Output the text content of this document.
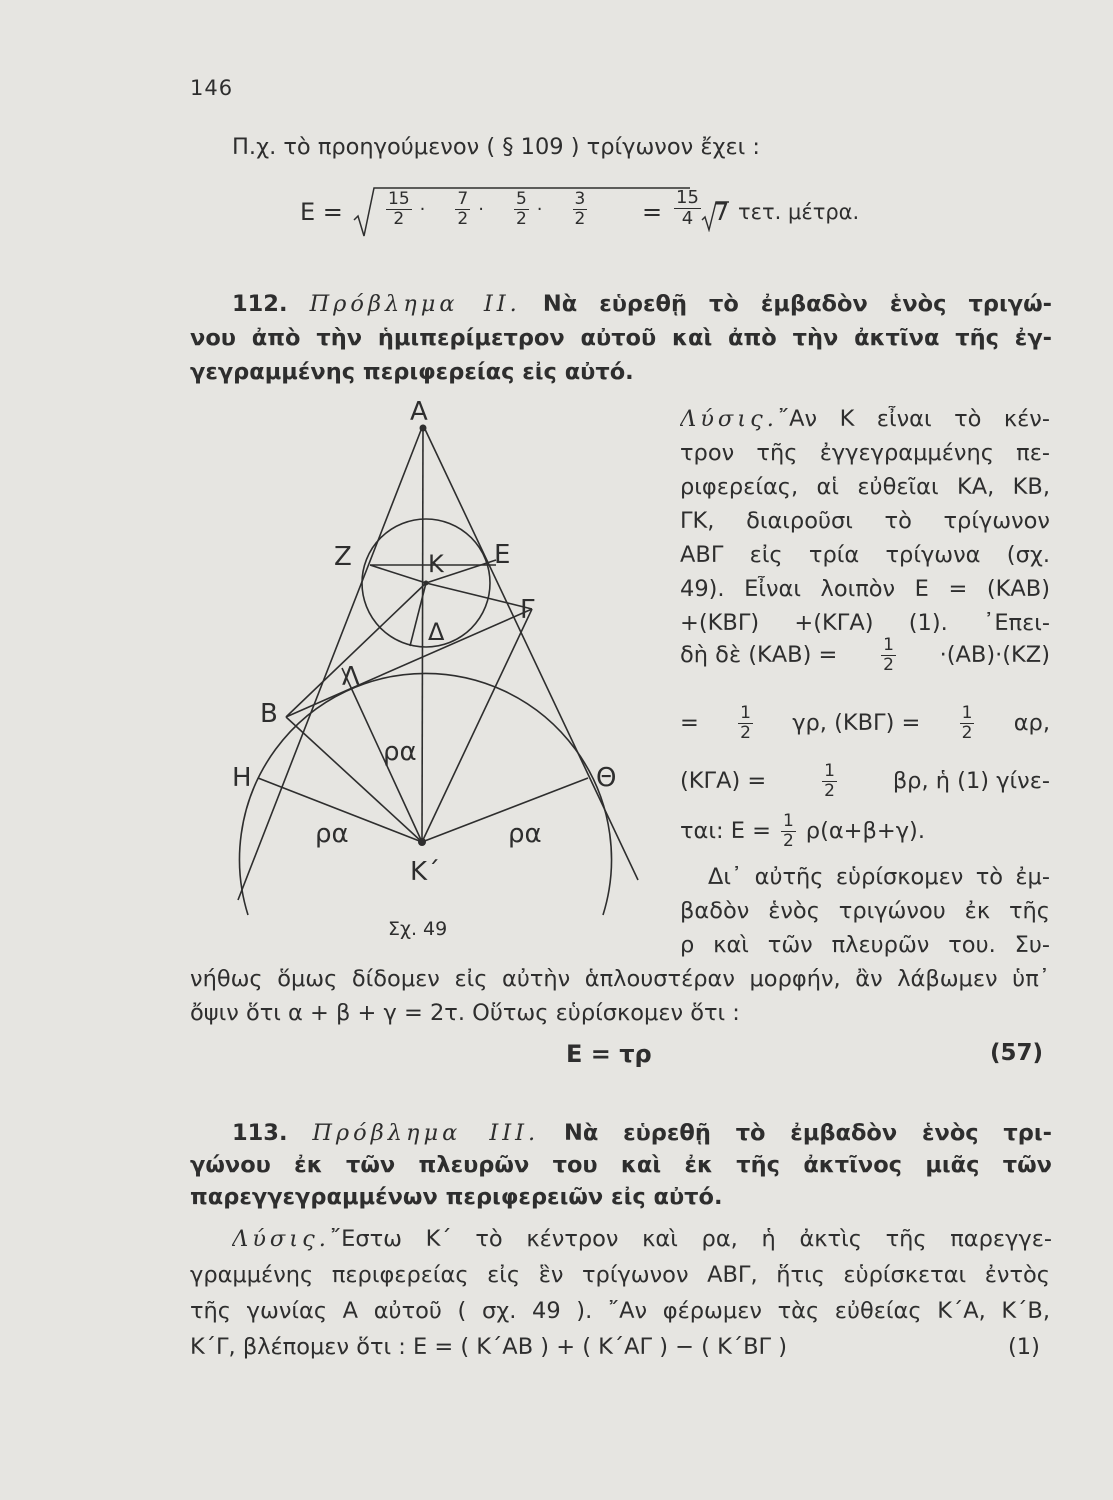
146
Π.χ. τὸ προηγούμενον ( § 109 ) τρίγωνον ἔχει :
Ε =	$\frac{15}{2} \cdot \frac{7}{2} \cdot \frac{5}{2} \cdot \frac{3}{2} = \frac{15}{4} 7$ τετ. μέτρα.
112. Πρόβλημα II. Νὰ εὑρεθῇ τὸ ἐμβαδὸν ἑνὸς τριγώ-
νου ἀπὸ τὴν ἡμιπερίμετρον αὐτοῦ καὶ ἀπὸ τὴν ἀκτῖνα τῆς ἐγ-
γεγραμμένης περιφερείας εἰς αὐτό.
Λύσις.῎Αν Κ εἶναι τὸ κέν-
τρον τῆς ἐγγεγραμμένης πε-
ριφερείας, αἱ εὐθεῖαι ΚΑ, ΚΒ,
ΓΚ, διαιροῦσι τὸ τρίγωνον
ΑΒΓ εἰς τρία τρίγωνα (σχ.
49). Εἶναι λοιπὸν Ε = (ΚΑΒ)
+(ΚΒΓ) +(ΚΓΑ) (1). ᾿Επει-
δὴ δὲ (ΚΑΒ) =	$\frac{1}{2} \cdot(AB)\cdot(KZ)$
= $\frac{1}{2} \gamma\rho$, $(KB\Gamma) = \frac{1}{2} \alpha\rho$,
(ΚΓΑ) =	$\frac{1}{2} \beta\rho$, ἡ (1) γίνε-
ται: $E = \frac{1}{2} \rho(\alpha+\beta+\gamma)$.
Δι᾿ αὐτῆς εὑρίσκομεν τὸ ἐμ-
βαδὸν ἑνὸς τριγώνου ἐκ τῆς
ρ καὶ τῶν πλευρῶν του. Συ-
νήθως ὅμως δίδομεν εἰς αὐτὴν ἁπλουστέραν μορφήν, ἂν λάβωμεν ὑπ᾿
ὄψιν ὅτι α + β + γ = 2τ. Οὕτως εὑρίσκομεν ὅτι :
Ε = τρ	(57)
113. Πρόβλημα III. Νὰ εὑρεθῇ τὸ ἐμβαδὸν ἑνὸς τρι-
γώνου ἐκ τῶν πλευρῶν του καὶ ἐκ τῆς ἀκτῖνος μιᾶς τῶν
παρεγγεγραμμένων περιφερειῶν εἰς αὐτό.
Λύσις.῎Εστω Κ΄ τὸ κέντρον καὶ ρα, ἡ ἀκτὶς τῆς παρεγγε-
γραμμένης περιφερείας εἰς ἓν τρίγωνον ΑΒΓ, ἥτις εὑρίσκεται ἐντὸς
τῆς γωνίας Α αὐτοῦ ( σχ. 49 ). ῎Αν φέρωμεν τὰς εὐθείας Κ΄Α, Κ΄Β,
Κ΄Γ, βλέπομεν ὅτι : Ε = ( Κ΄ΑΒ ) + ( Κ΄ΑΓ ) − ( Κ΄ΒΓ )	(1)
Α
Ζ	Κ Ε
Γ
Δ
Λ
Β
Η	Θ
Κ΄
ρα
ρα	ρα
Σχ. 49
